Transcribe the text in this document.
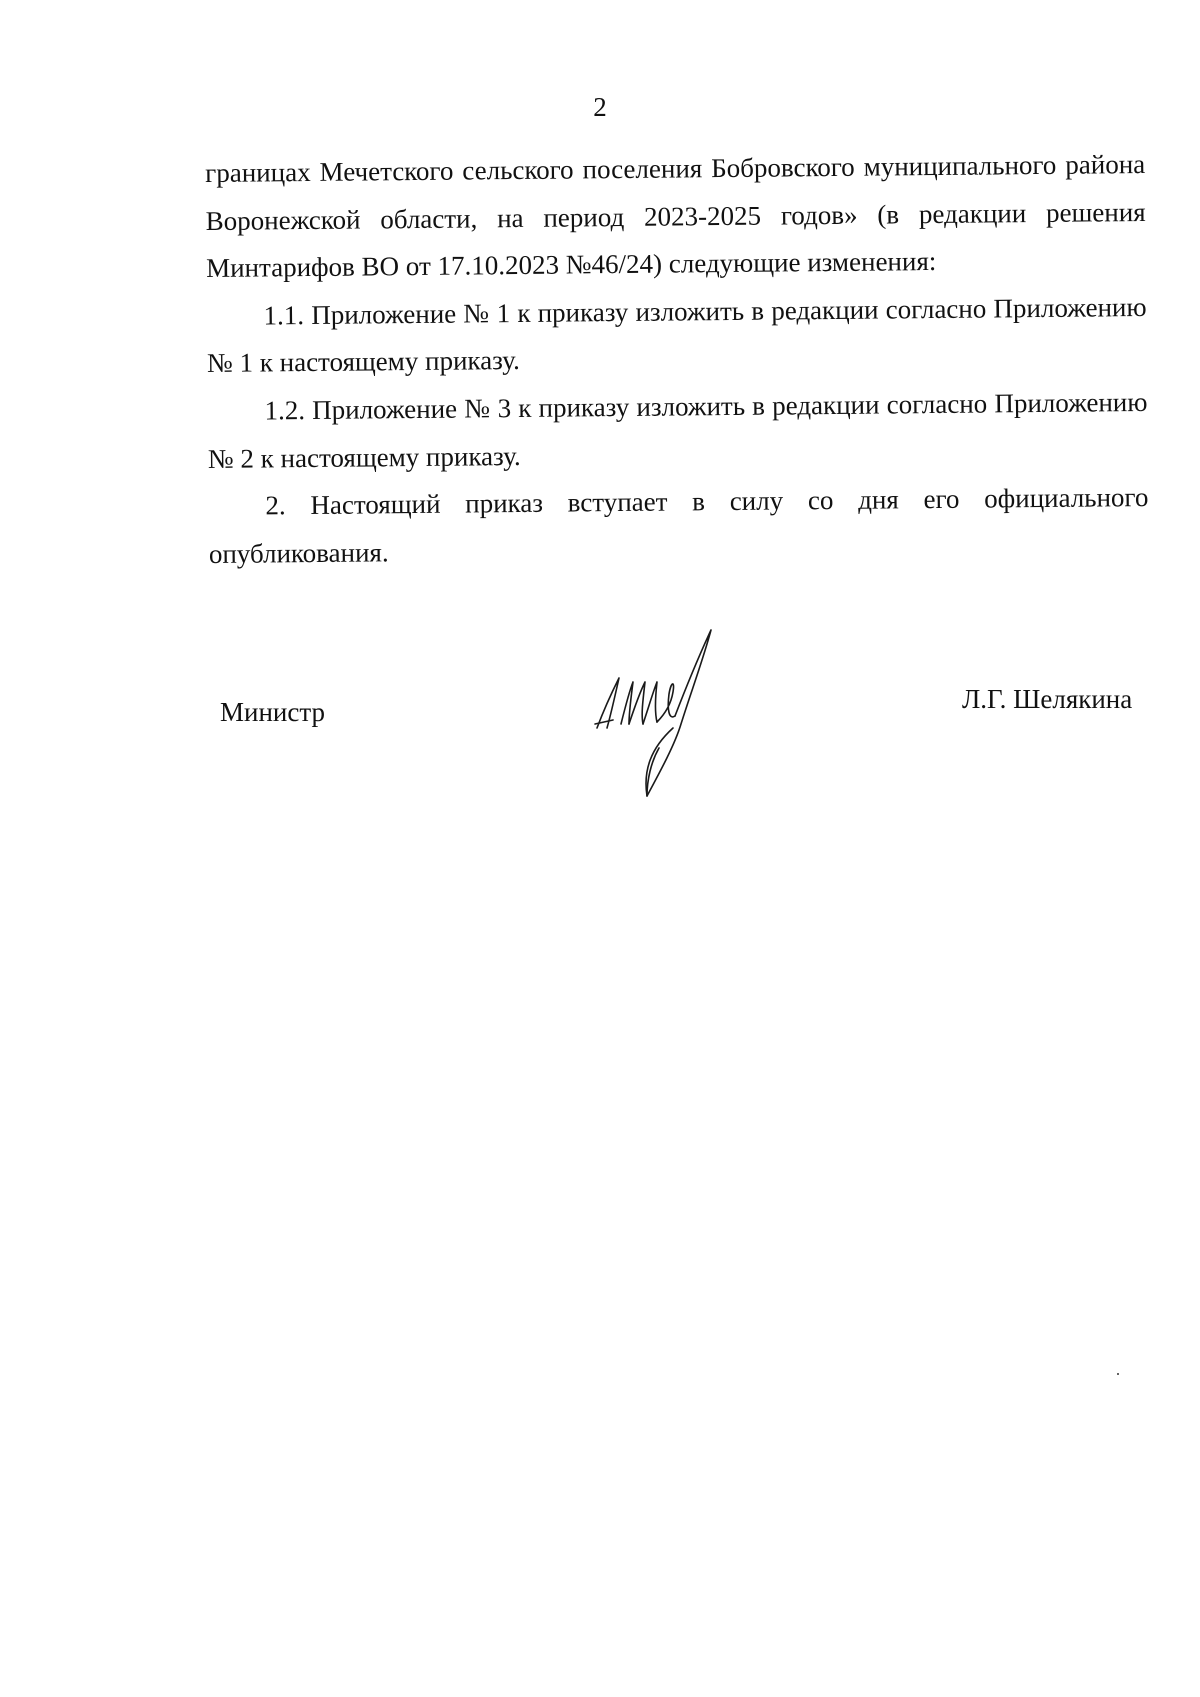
2

границах Мечетского сельского поселения Бобровского муниципального района Воронежской области, на период 2023-2025 годов» (в редакции решения Минтарифов ВО от 17.10.2023 №46/24) следующие изменения:

1.1. Приложение № 1 к приказу изложить в редакции согласно Приложению № 1 к настоящему приказу.

1.2. Приложение № 3 к приказу изложить в редакции согласно Приложению № 2 к настоящему приказу.

2. Настоящий приказ вступает в силу со дня его официального опубликования.

Министр	Л.Г. Шелякина
